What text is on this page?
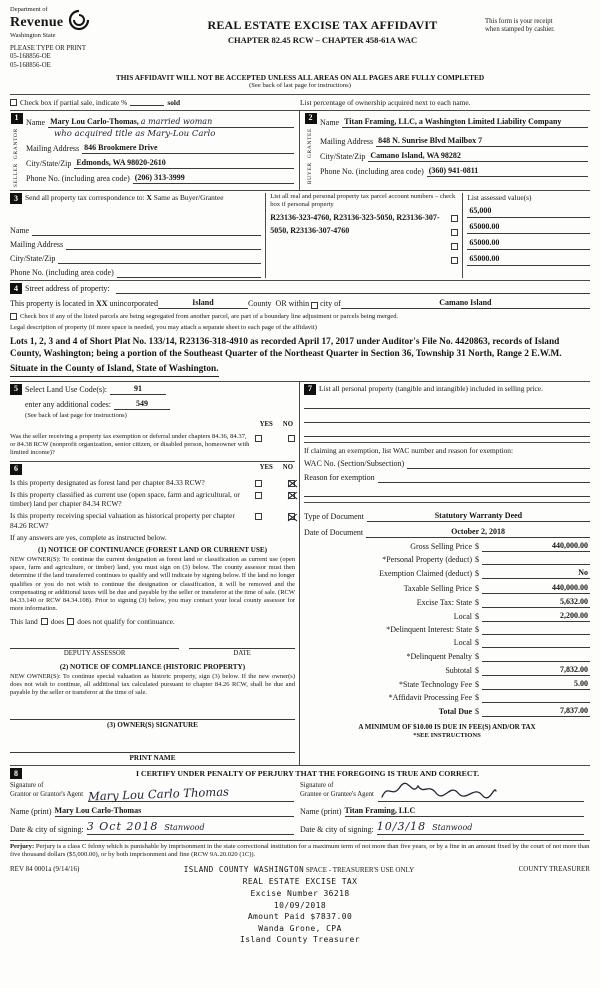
Department of
Revenue
Washington State
PLEASE TYPE OR PRINT
05-168856-OE
05-168856-OE
REAL ESTATE EXCISE TAX AFFIDAVIT
CHAPTER 82.45 RCW – CHAPTER 458-61A WAC
This form is your receipt
when stamped by cashier.
THIS AFFIDAVIT WILL NOT BE ACCEPTED UNLESS ALL AREAS ON ALL PAGES ARE FULLY COMPLETED
(See back of last page for instructions)
Check box if partial sale, indicate %	sold	List percentage of ownership acquired next to each name.
1
SELLER
GRANTOR
Name Mary Lou Carlo-Thomas, a married woman
who acquired title as Mary-Lou Carlo
Mailing Address 846 Brookmere Drive
City/State/Zip Edmonds, WA 98020-2610
Phone No. (including area code) (206) 313-3999
2
BUYER
GRANTEE
Name Titan Framing, LLC, a Washington Limited Liability Company
Mailing Address 848 N. Sunrise Blvd Mailbox 7
City/State/Zip Camano Island, WA 98282
Phone No. (including area code) (360) 941-0811
3 Send all property tax correspondence to: X Same as Buyer/Grantee
Name
Mailing Address
City/State/Zip
Phone No. (including area code)
List all real and personal property tax parcel account numbers – check box if personal property
R23136-323-4760, R23136-323-5050, R23136-307-5050, R23136-307-4760
List assessed value(s)
65,000
65000.00
65000.00
65000.00
4 Street address of property:
This property is located in
XX
unincorporated	Island	County
OR within

city of	Camano Island
Check box if any of the listed parcels are being segregated from another parcel, are part of a boundary line adjustment or parcels being merged.
Legal description of property (if more space is needed, you may attach a separate sheet to each page of the affidavit)
Lots 1, 2, 3 and 4 of Short Plat No. 133/14, R23136-318-4910 as recorded April 17, 2017 under Auditor's File No. 4420863, records of Island County, Washington; being a portion of the Southeast Quarter of the Northeast Quarter in Section 36, Township 31 North, Range 2 E.W.M.
Situate in the County of Island, State of Washington.
5 Select Land Use Code(s):	91
enter any additional codes:	549
(See back of last page for instructions)
YES NO
Was the seller receiving a property tax exemption or deferral under chapters 84.36, 84.37, or 84.38 RCW (nonprofit organization, senior citizen, or disabled person, homeowner with limited income)?
6	YES NO
Is this property designated as forest land per chapter 84.33 RCW?
Is this property classified as current use (open space, farm and agricultural, or timber) land per chapter 84.34 RCW?
Is this property receiving special valuation as historical property per chapter 84.26 RCW?
If any answers are yes, complete as instructed below.
(1) NOTICE OF CONTINUANCE (FOREST LAND OR CURRENT USE)
NEW OWNER(S): To continue the current designation as forest land or classification as current use (open space, farm and agriculture, or timber) land, you must sign on (3) below. The county assessor must then determine if the land transferred continues to qualify and will indicate by signing below. If the land no longer qualifies or you do not wish to continue the designation or classification, it will be removed and the compensating or additional taxes will be due and payable by the seller or transferor at the time of sale. (RCW 84.33.140 or RCW 84.34.108). Prior to signing (3) below, you may contact your local county assessor for more information.
This land does does not qualify for continuance.
DEPUTY ASSESSOR	DATE
(2) NOTICE OF COMPLIANCE (HISTORIC PROPERTY)
NEW OWNER(S): To continue special valuation as historic property, sign (3) below. If the new owner(s) does not wish to continue, all additional tax calculated pursuant to chapter 84.26 RCW, shall be due and payable by the seller or transferor at the time of sale.
(3) OWNER(S) SIGNATURE
PRINT NAME
7 List all personal property (tangible and intangible) included in selling price.
If claiming an exemption, list WAC number and reason for exemption:
WAC No. (Section/Subsection)
Reason for exemption
Type of Document	Statutory Warranty Deed
Date of Document	October 2, 2018
Gross Selling Price $	440,000.00
*Personal Property (deduct) $
Exemption Claimed (deduct) $	No
Taxable Selling Price $	440,000.00
Excise Tax: State $	5,632.00
Local $	2,200.00
*Delinquent Interest: State $
Local $
*Delinquent Penalty $
Subtotal $	7,832.00
*State Technology Fee $	5.00
*Affidavit Processing Fee $
Total Due $	7,837.00
A MINIMUM OF $10.00 IS DUE IN FEE(S) AND/OR TAX
*SEE INSTRUCTIONS
8	I CERTIFY UNDER PENALTY OF PERJURY THAT THE FOREGOING IS TRUE AND CORRECT.
Signature of
Grantor or Grantor's Agent Mary Lou Carlo Thomas	Signature of
Grantee or Grantee's Agent
Name (print) Mary Lou Carlo-Thomas	Name (print) Titan Framing, LLC
Date & city of signing: 3 Oct 2018 Stanwood	Date & city of signing: 10/3/18 Stanwood
Perjury: Perjury is a class C felony which is punishable by imprisonment in the state correctional institution for a maximum term of not more than five years, or by a fine in an amount fixed by the court of not more than five thousand dollars ($5,000.00), or by both imprisonment and fine (RCW 9A.20.020 (1C)).
REV 84 0001a (9/14/16)	ISLAND COUNTY WASHINGTON SPACE - TREASURER'S USE ONLY	COUNTY TREASURER
REAL ESTATE EXCISE TAX
Excise Number 36218
10/09/2018
Amount Paid $7837.00
Wanda Grone, CPA
Island County Treasurer
